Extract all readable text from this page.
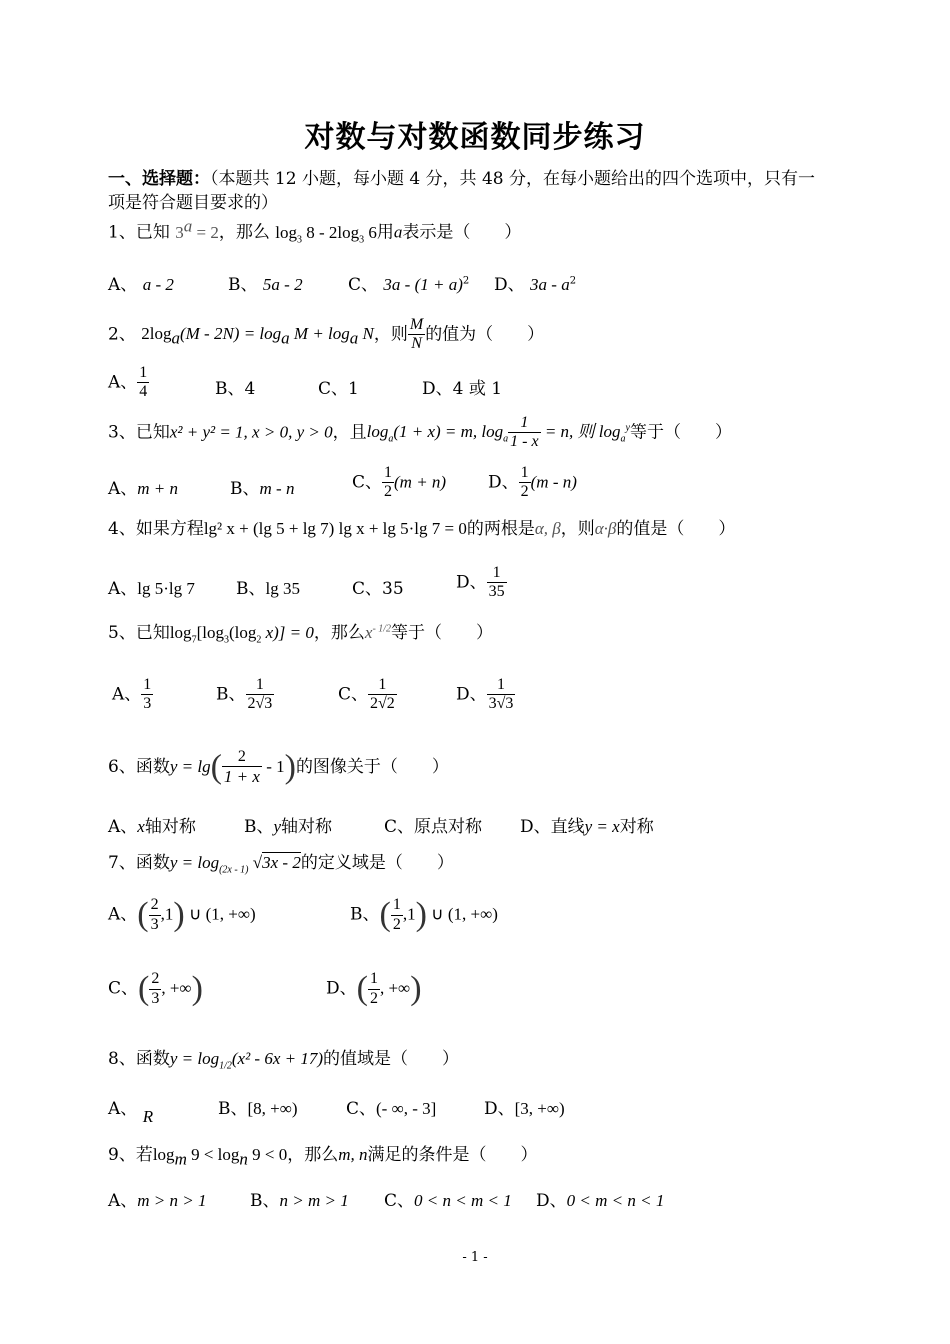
对数与对数函数同步练习
一、选择题：（本题共 12 小题，每小题 4 分，共 48 分，在每小题给出的四个选项中，只有一
项是符合题目要求的）
1、已知 $3^a = 2$，那么 $\log_3 8 - 2\log_3$ 6用a表示是（　　）
A、 a - 2	B、 5a - 2	C、 $3a - (1 + a)^2$ D、 $3a - a^2$
2、 $2\log_a(M - 2N) = \log_a M + \log_a N$，则 $\frac{M}{N}$ 的值为（　　）
A、 $\frac{1}{4}$	B、4	C、1	D、4 或 1
3、已知x² + y² = 1, x > 0, y > 0，且$\log_a(1 + x) = m$, $\log_a \frac{1}{1 - x} = n$, 则 $\log_a^y$等于（　　）
A、m + n	B、m - n	C、 $\frac{1}{2} (m + n)$ D、 $\frac{1}{2} (m - n)$
4、如果方程lg² x + (lg 5 + lg 7) lg x + lg 5·lg 7 = 0的两根是α, β，则α·β的值是（　　）
A、lg 5·lg 7 B、lg 35	C、35	D、 $\frac{1}{35}$
5、已知$\log_7[\log_3(\log_2$ x)] = 0，那么$x^{- 1/2}$等于（　　）
A、 $\frac{1}{3}$	B、 $\frac{1}{2√3}$	C、 $\frac{1}{2√2}$	D、 $\frac{1}{3√3}$
6、函数$y = \lg( \frac{2}{1 + x} - 1)$的图像关于（　　）
A、x轴对称	B、y轴对称	C、原点对称 D、直线y = x对称
7、函数$y = \log_{(2x - 1)} √3x - 2$的定义域是（　　）
A、( $\frac{2}{3} ,1$) ∪ (1, +∞)	B、( $\frac{1}{2} ,1$) ∪ (1, +∞)
C、( $\frac{2}{3}$ , +∞)	D、( $\frac{1}{2}$ , +∞)
8、函数$y = \log_{1/2}(x^2 - 6x + 17)$的值域是（　　）
A、 R	B、[8, +∞)	C、(- ∞, - 3]	D、[3, +∞)
9、若$\log_m 9 < \log_n 9 < 0$，那么m, n满足的条件是（　　）
A、m > n > 1	B、n > m > 1 C、0 < n < m < 1 D、0 < m < n < 1
- 1 -
